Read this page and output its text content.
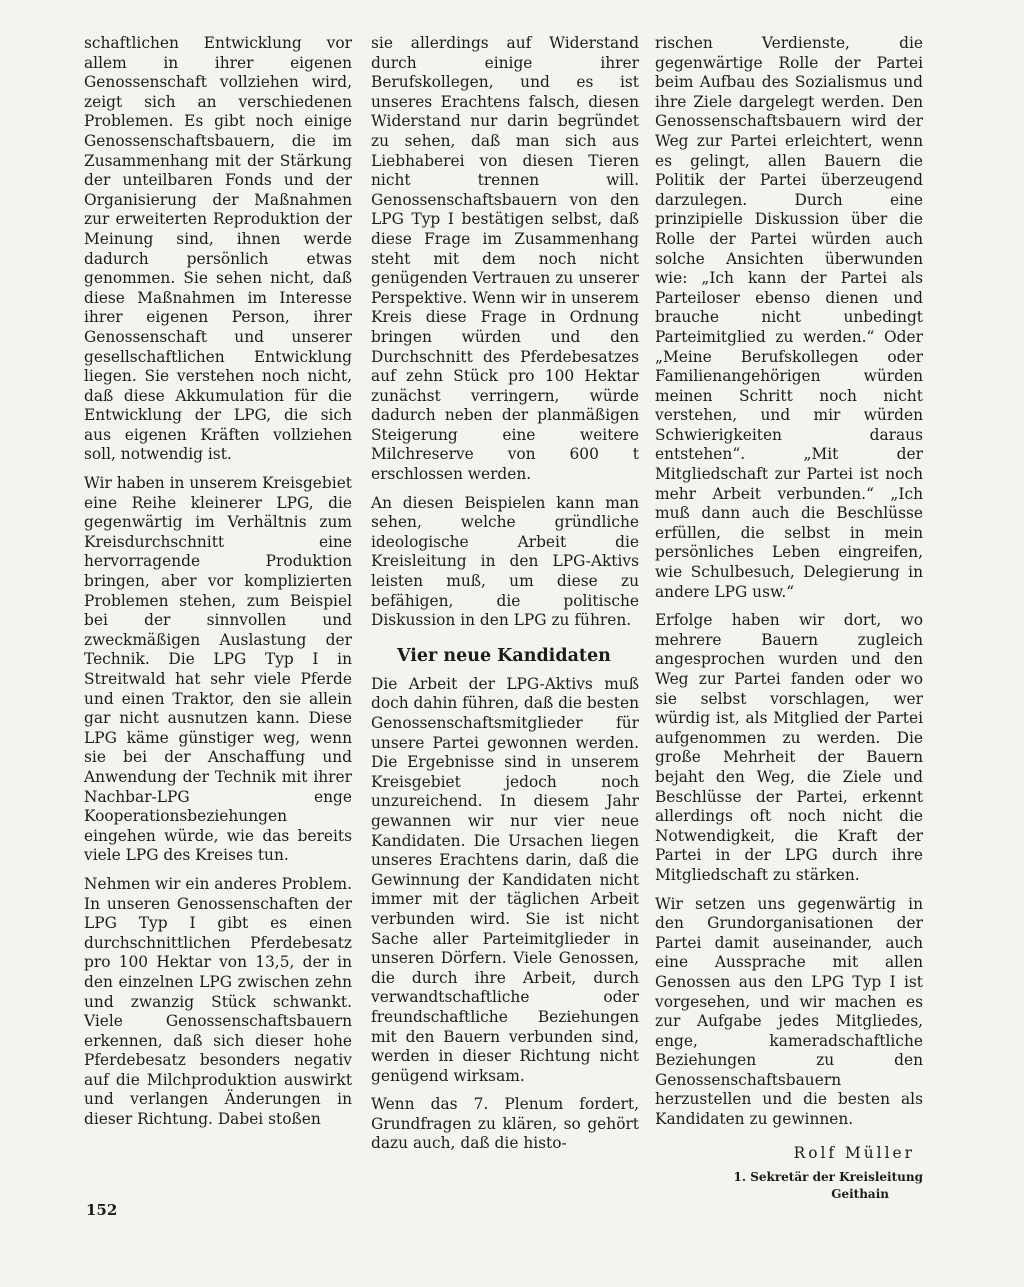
schaftlichen Entwicklung vor allem in ihrer eigenen Genossenschaft vollziehen wird, zeigt sich an verschiedenen Problemen. Es gibt noch einige Genossenschaftsbauern, die im Zusammenhang mit der Stärkung der unteilbaren Fonds und der Organisierung der Maßnahmen zur erweiterten Reproduktion der Meinung sind, ihnen werde dadurch persönlich etwas genommen. Sie sehen nicht, daß diese Maßnahmen im Interesse ihrer eigenen Person, ihrer Genossenschaft und unserer gesellschaftlichen Entwicklung liegen. Sie verstehen noch nicht, daß diese Akkumulation für die Entwicklung der LPG, die sich aus eigenen Kräften vollziehen soll, notwendig ist.

Wir haben in unserem Kreisgebiet eine Reihe kleinerer LPG, die gegenwärtig im Verhältnis zum Kreisdurchschnitt eine hervorragende Produktion bringen, aber vor komplizierten Problemen stehen, zum Beispiel bei der sinnvollen und zweckmäßigen Auslastung der Technik. Die LPG Typ I in Streitwald hat sehr viele Pferde und einen Traktor, den sie allein gar nicht ausnutzen kann. Diese LPG käme günstiger weg, wenn sie bei der Anschaffung und Anwendung der Technik mit ihrer Nachbar-LPG enge Kooperationsbeziehungen eingehen würde, wie das bereits viele LPG des Kreises tun.

Nehmen wir ein anderes Problem. In unseren Genossenschaften der LPG Typ I gibt es einen durchschnittlichen Pferdebesatz pro 100 Hektar von 13,5, der in den einzelnen LPG zwischen zehn und zwanzig Stück schwankt. Viele Genossenschaftsbauern erkennen, daß sich dieser hohe Pferdebesatz besonders negativ auf die Milchproduktion auswirkt und verlangen Änderungen in dieser Richtung. Dabei stoßen

sie allerdings auf Widerstand durch einige ihrer Berufskollegen, und es ist unseres Erachtens falsch, diesen Widerstand nur darin begründet zu sehen, daß man sich aus Liebhaberei von diesen Tieren nicht trennen will. Genossenschaftsbauern von den LPG Typ I bestätigen selbst, daß diese Frage im Zusammenhang steht mit dem noch nicht genügenden Vertrauen zu unserer Perspektive. Wenn wir in unserem Kreis diese Frage in Ordnung bringen würden und den Durchschnitt des Pferdebesatzes auf zehn Stück pro 100 Hektar zunächst verringern, würde dadurch neben der planmäßigen Steigerung eine weitere Milchreserve von 600 t erschlossen werden.

An diesen Beispielen kann man sehen, welche gründliche ideologische Arbeit die Kreisleitung in den LPG-Aktivs leisten muß, um diese zu befähigen, die politische Diskussion in den LPG zu führen.

Vier neue Kandidaten

Die Arbeit der LPG-Aktivs muß doch dahin führen, daß die besten Genossenschaftsmitglieder für unsere Partei gewonnen werden. Die Ergebnisse sind in unserem Kreisgebiet jedoch noch unzureichend. In diesem Jahr gewannen wir nur vier neue Kandidaten. Die Ursachen liegen unseres Erachtens darin, daß die Gewinnung der Kandidaten nicht immer mit der täglichen Arbeit verbunden wird. Sie ist nicht Sache aller Parteimitglieder in unseren Dörfern. Viele Genossen, die durch ihre Arbeit, durch verwandtschaftliche oder freundschaftliche Beziehungen mit den Bauern verbunden sind, werden in dieser Richtung nicht genügend wirksam.

Wenn das 7. Plenum fordert, Grundfragen zu klären, so gehört dazu auch, daß die histo-

rischen Verdienste, die gegenwärtige Rolle der Partei beim Aufbau des Sozialismus und ihre Ziele dargelegt werden. Den Genossenschaftsbauern wird der Weg zur Partei erleichtert, wenn es gelingt, allen Bauern die Politik der Partei überzeugend darzulegen. Durch eine prinzipielle Diskussion über die Rolle der Partei würden auch solche Ansichten überwunden wie: „Ich kann der Partei als Parteiloser ebenso dienen und brauche nicht unbedingt Parteimitglied zu werden.“ Oder „Meine Berufskollegen oder Familienangehörigen würden meinen Schritt noch nicht verstehen, und mir würden Schwierigkeiten daraus entstehen“. „Mit der Mitgliedschaft zur Partei ist noch mehr Arbeit verbunden.“ „Ich muß dann auch die Beschlüsse erfüllen, die selbst in mein persönliches Leben eingreifen, wie Schulbesuch, Delegierung in andere LPG usw.“

Erfolge haben wir dort, wo mehrere Bauern zugleich angesprochen wurden und den Weg zur Partei fanden oder wo sie selbst vorschlagen, wer würdig ist, als Mitglied der Partei aufgenommen zu werden. Die große Mehrheit der Bauern bejaht den Weg, die Ziele und Beschlüsse der Partei, erkennt allerdings oft noch nicht die Notwendigkeit, die Kraft der Partei in der LPG durch ihre Mitgliedschaft zu stärken.

Wir setzen uns gegenwärtig in den Grundorganisationen der Partei damit auseinander, auch eine Aussprache mit allen Genossen aus den LPG Typ I ist vorgesehen, und wir machen es zur Aufgabe jedes Mitgliedes, enge, kameradschaftliche Beziehungen zu den Genossenschaftsbauern herzustellen und die besten als Kandidaten zu gewinnen.

Rolf Müller
1. Sekretär der Kreisleitung
Geithain
152
